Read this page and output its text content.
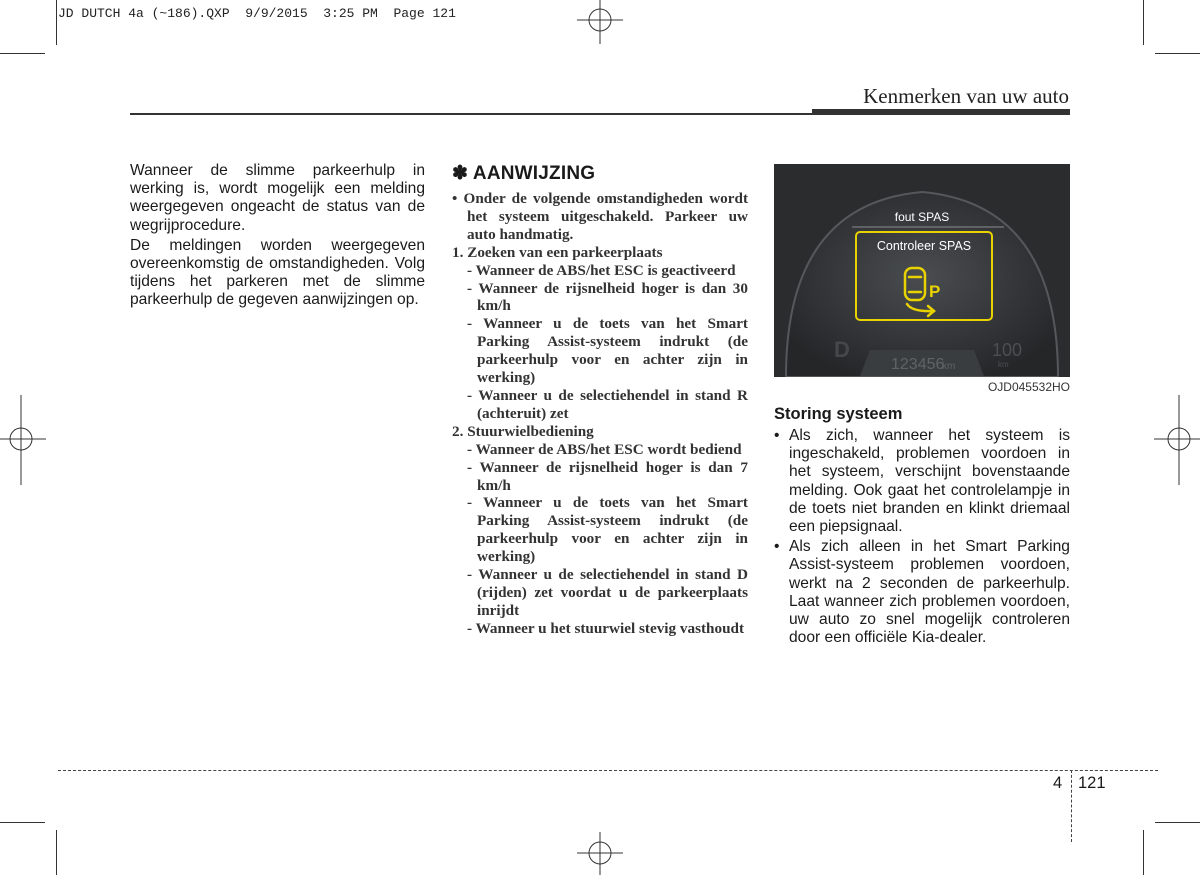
JD DUTCH 4a (~186).QXP  9/9/2015  3:25 PM  Page 121
Kenmerken van uw auto

Wanneer de slimme parkeerhulp in werking is, wordt mogelijk een melding weergegeven ongeacht de status van de wegrijprocedure.

De meldingen worden weergegeven overeenkomstig de omstandigheden. Volg tijdens het parkeren met de slimme parkeerhulp de gegeven aanwijzingen op.

✽ AANWIJZING
• Onder de volgende omstandigheden wordt het systeem uitgeschakeld. Parkeer uw auto handmatig.
1. Zoeken van een parkeerplaats
- Wanneer de ABS/het ESC is geactiveerd
- Wanneer de rijsnelheid hoger is dan 30 km/h
- Wanneer u de toets van het Smart Parking Assist-systeem indrukt (de parkeerhulp voor en achter zijn in werking)
- Wanneer u de selectiehendel in stand R (achteruit) zet
2. Stuurwielbediening
- Wanneer de ABS/het ESC wordt bediend
- Wanneer de rijsnelheid hoger is dan 7 km/h
- Wanneer u de toets van het Smart Parking Assist-systeem indrukt (de parkeerhulp voor en achter zijn in werking)
- Wanneer u de selectiehendel in stand D (rijden) zet voordat u de parkeerplaats inrijdt
- Wanneer u het stuurwiel stevig vasthoudt
fout SPAS
Controleer SPAS
P
D
123456
km
100
km
OJD045532HO
Storing systeem
• Als zich, wanneer het systeem is ingeschakeld, problemen voordoen in het systeem, verschijnt bovenstaande melding. Ook gaat het controlelampje in de toets niet branden en klinkt driemaal een piepsignaal.
• Als zich alleen in het Smart Parking Assist-systeem problemen voordoen, werkt na 2 seconden de parkeerhulp. Laat wanneer zich problemen voordoen, uw auto zo snel mogelijk controleren door een officiële Kia-dealer.
4 121
